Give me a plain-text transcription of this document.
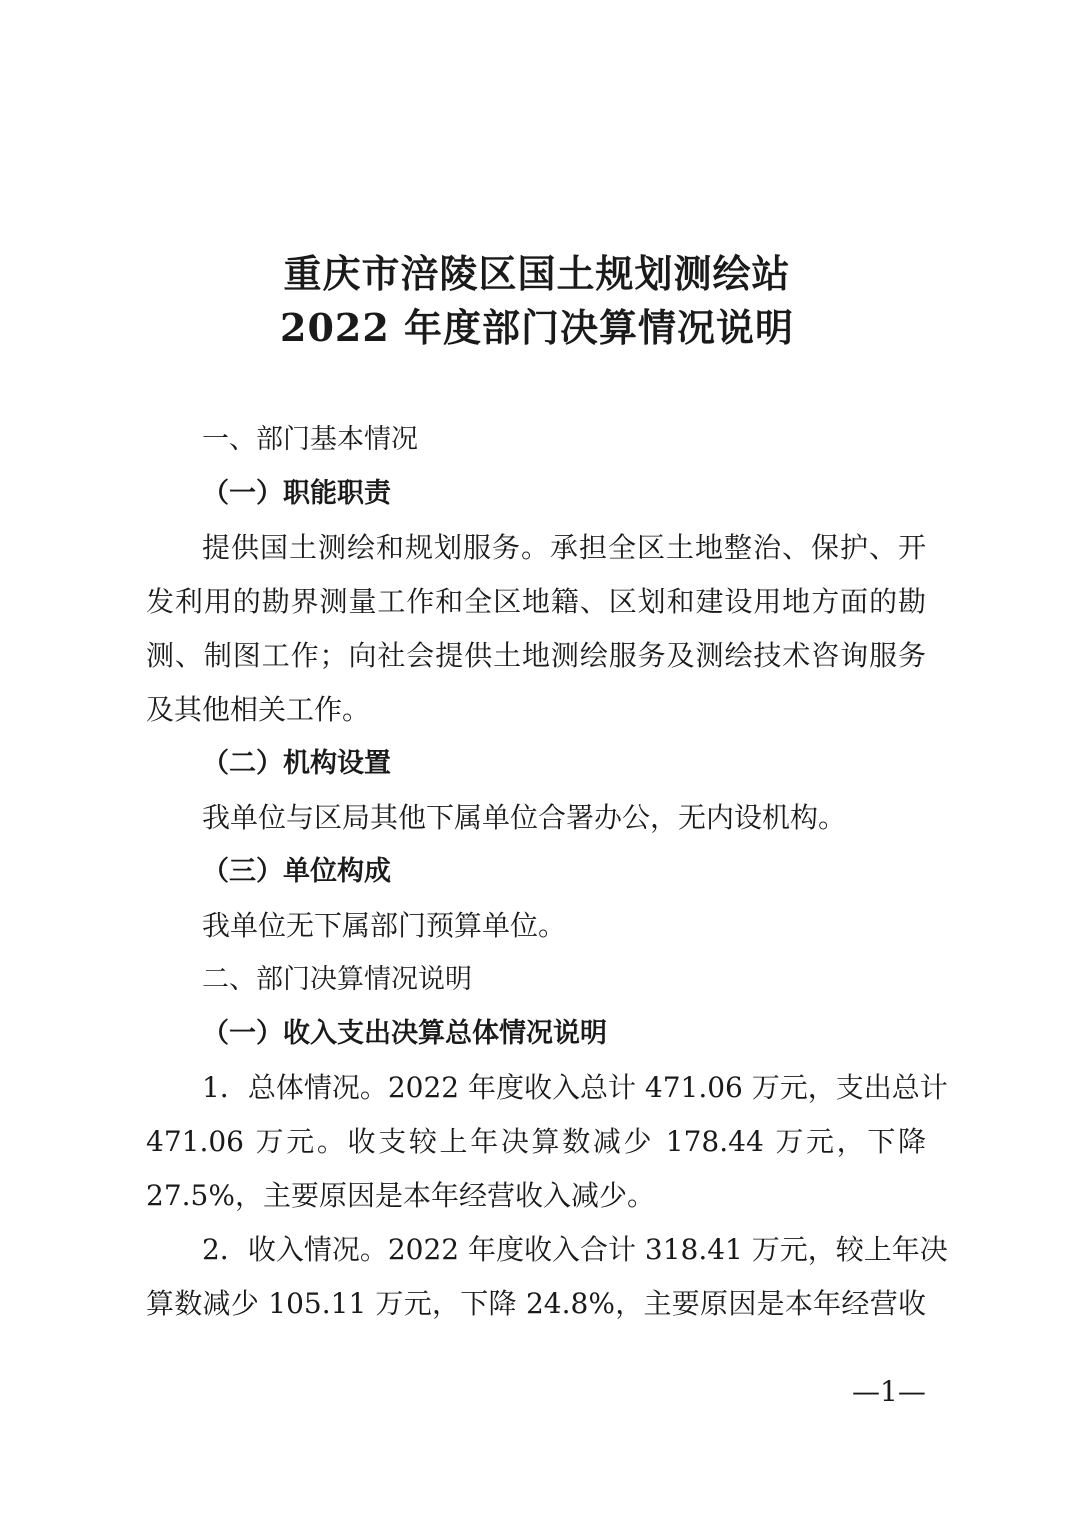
重庆市涪陵区国土规划测绘站
2022 年度部门决算情况说明

一、部门基本情况

（一）职能职责

提供国土测绘和规划服务。承担全区土地整治、保护、开

发利用的勘界测量工作和全区地籍、区划和建设用地方面的勘

测、制图工作；向社会提供土地测绘服务及测绘技术咨询服务

及其他相关工作。

（二）机构设置

我单位与区局其他下属单位合署办公，无内设机构。

（三）单位构成

我单位无下属部门预算单位。

二、部门决算情况说明

（一）收入支出决算总体情况说明

1．总体情况。2022 年度收入总计 471.06 万元，支出总计

471.06 万元。收支较上年决算数减少 178.44 万元，下降

27.5%，主要原因是本年经营收入减少。

2．收入情况。2022 年度收入合计 318.41 万元，较上年决

算数减少 105.11 万元，下降 24.8%，主要原因是本年经营收

—1—
